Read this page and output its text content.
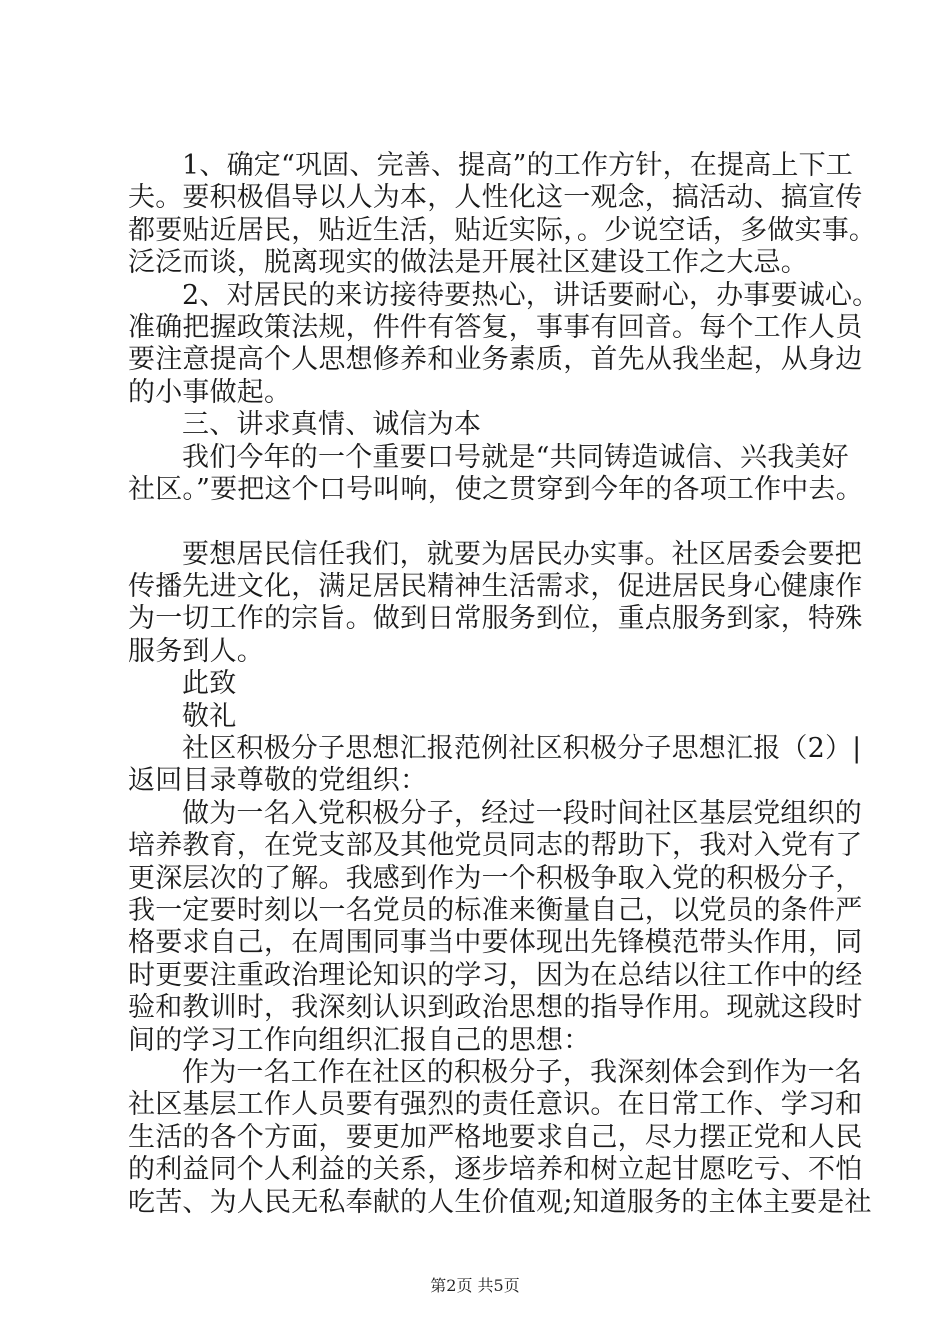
1、确定“巩固、完善、提高”的工作方针，在提高上下工
夫。要积极倡导以人为本，人性化这一观念，搞活动、搞宣传
都要贴近居民，贴近生活，贴近实际，。少说空话，多做实事。
泛泛而谈，脱离现实的做法是开展社区建设工作之大忌。
2、对居民的来访接待要热心，讲话要耐心，办事要诚心。
准确把握政策法规，件件有答复，事事有回音。每个工作人员
要注意提高个人思想修养和业务素质，首先从我坐起，从身边
的小事做起。
三、讲求真情、诚信为本
我们今年的一个重要口号就是“共同铸造诚信、兴我美好
社区。”要把这个口号叫响，使之贯穿到今年的各项工作中去。
要想居民信任我们，就要为居民办实事。社区居委会要把
传播先进文化，满足居民精神生活需求，促进居民身心健康作
为一切工作的宗旨。做到日常服务到位，重点服务到家，特殊
服务到人。
此致
敬礼
社区积极分子思想汇报范例社区积极分子思想汇报（2）|
返回目录尊敬的党组织：
做为一名入党积极分子，经过一段时间社区基层党组织的
培养教育，在党支部及其他党员同志的帮助下，我对入党有了
更深层次的了解。我感到作为一个积极争取入党的积极分子，
我一定要时刻以一名党员的标准来衡量自己，以党员的条件严
格要求自己，在周围同事当中要体现出先锋模范带头作用，同
时更要注重政治理论知识的学习，因为在总结以往工作中的经
验和教训时，我深刻认识到政治思想的指导作用。现就这段时
间的学习工作向组织汇报自己的思想：
作为一名工作在社区的积极分子，我深刻体会到作为一名
社区基层工作人员要有强烈的责任意识。在日常工作、学习和
生活的各个方面，要更加严格地要求自己，尽力摆正党和人民
的利益同个人利益的关系，逐步培养和树立起甘愿吃亏、不怕
吃苦、为人民无私奉献的人生价值观;知道服务的主体主要是社
第2页 共5页
